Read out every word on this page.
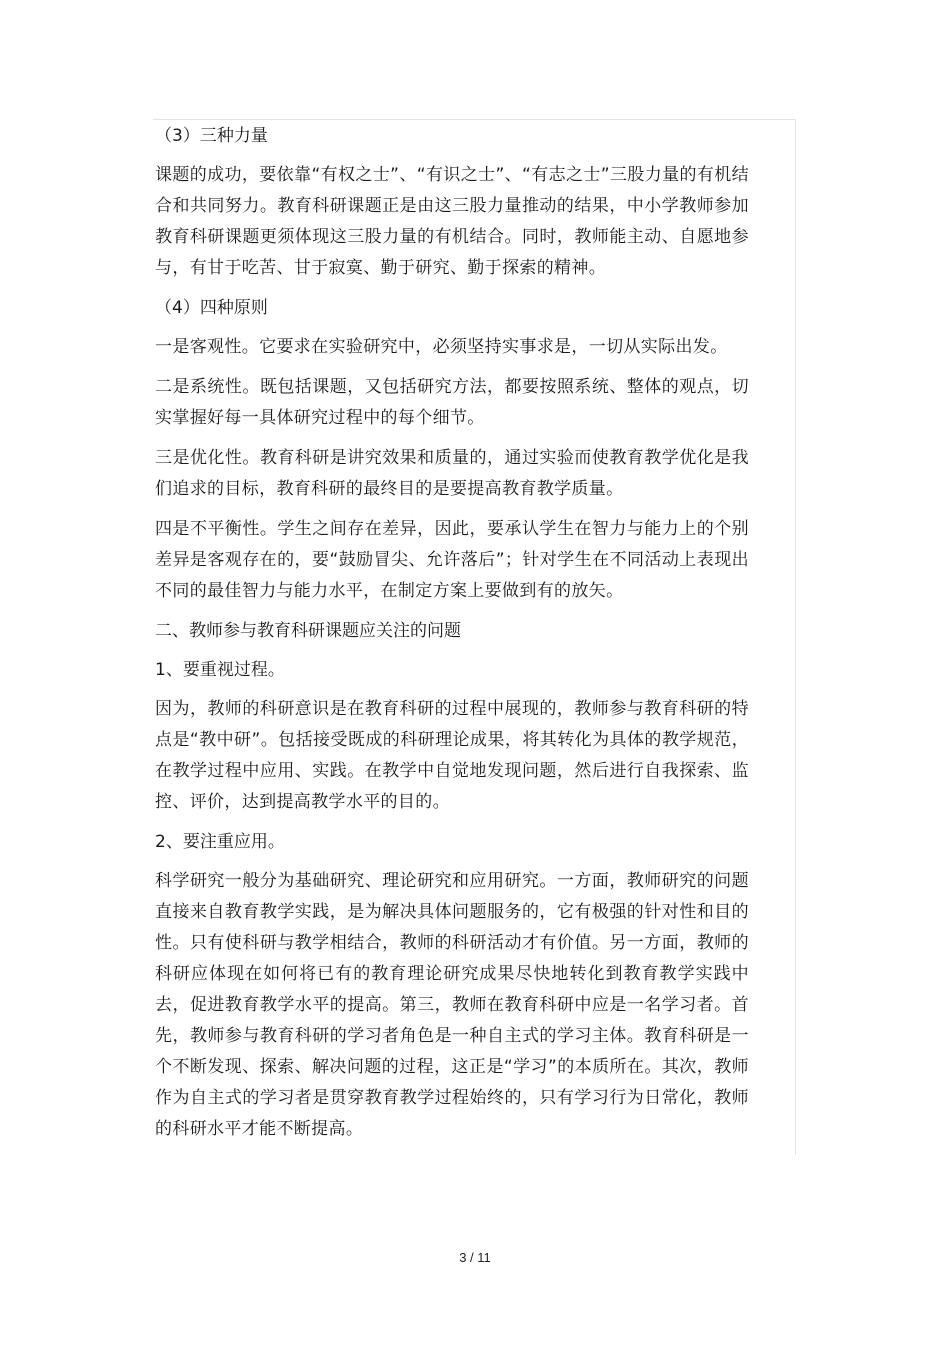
（3）三种力量

课题的成功，要依靠“有权之士”、“有识之士”、“有志之士”三股力量的有机结合和共同努力。教育科研课题正是由这三股力量推动的结果，中小学教师参加教育科研课题更须体现这三股力量的有机结合。同时，教师能主动、自愿地参与，有甘于吃苦、甘于寂寞、勤于研究、勤于探索的精神。

（4）四种原则

一是客观性。它要求在实验研究中，必须坚持实事求是，一切从实际出发。

二是系统性。既包括课题，又包括研究方法，都要按照系统、整体的观点，切实掌握好每一具体研究过程中的每个细节。

三是优化性。教育科研是讲究效果和质量的，通过实验而使教育教学优化是我们追求的目标，教育科研的最终目的是要提高教育教学质量。

四是不平衡性。学生之间存在差异，因此，要承认学生在智力与能力上的个别差异是客观存在的，要“鼓励冒尖、允许落后”；针对学生在不同活动上表现出不同的最佳智力与能力水平，在制定方案上要做到有的放矢。

二、教师参与教育科研课题应关注的问题

1、要重视过程。

因为，教师的科研意识是在教育科研的过程中展现的，教师参与教育科研的特点是“教中研”。包括接受既成的科研理论成果，将其转化为具体的教学规范，在教学过程中应用、实践。在教学中自觉地发现问题，然后进行自我探索、监控、评价，达到提高教学水平的目的。

2、要注重应用。

科学研究一般分为基础研究、理论研究和应用研究。一方面，教师研究的问题直接来自教育教学实践，是为解决具体问题服务的，它有极强的针对性和目的性。只有使科研与教学相结合，教师的科研活动才有价值。另一方面，教师的科研应体现在如何将已有的教育理论研究成果尽快地转化到教育教学实践中去，促进教育教学水平的提高。第三，教师在教育科研中应是一名学习者。首先，教师参与教育科研的学习者角色是一种自主式的学习主体。教育科研是一个不断发现、探索、解决问题的过程，这正是“学习”的本质所在。其次，教师作为自主式的学习者是贯穿教育教学过程始终的，只有学习行为日常化，教师的科研水平才能不断提高。

3 / 11
